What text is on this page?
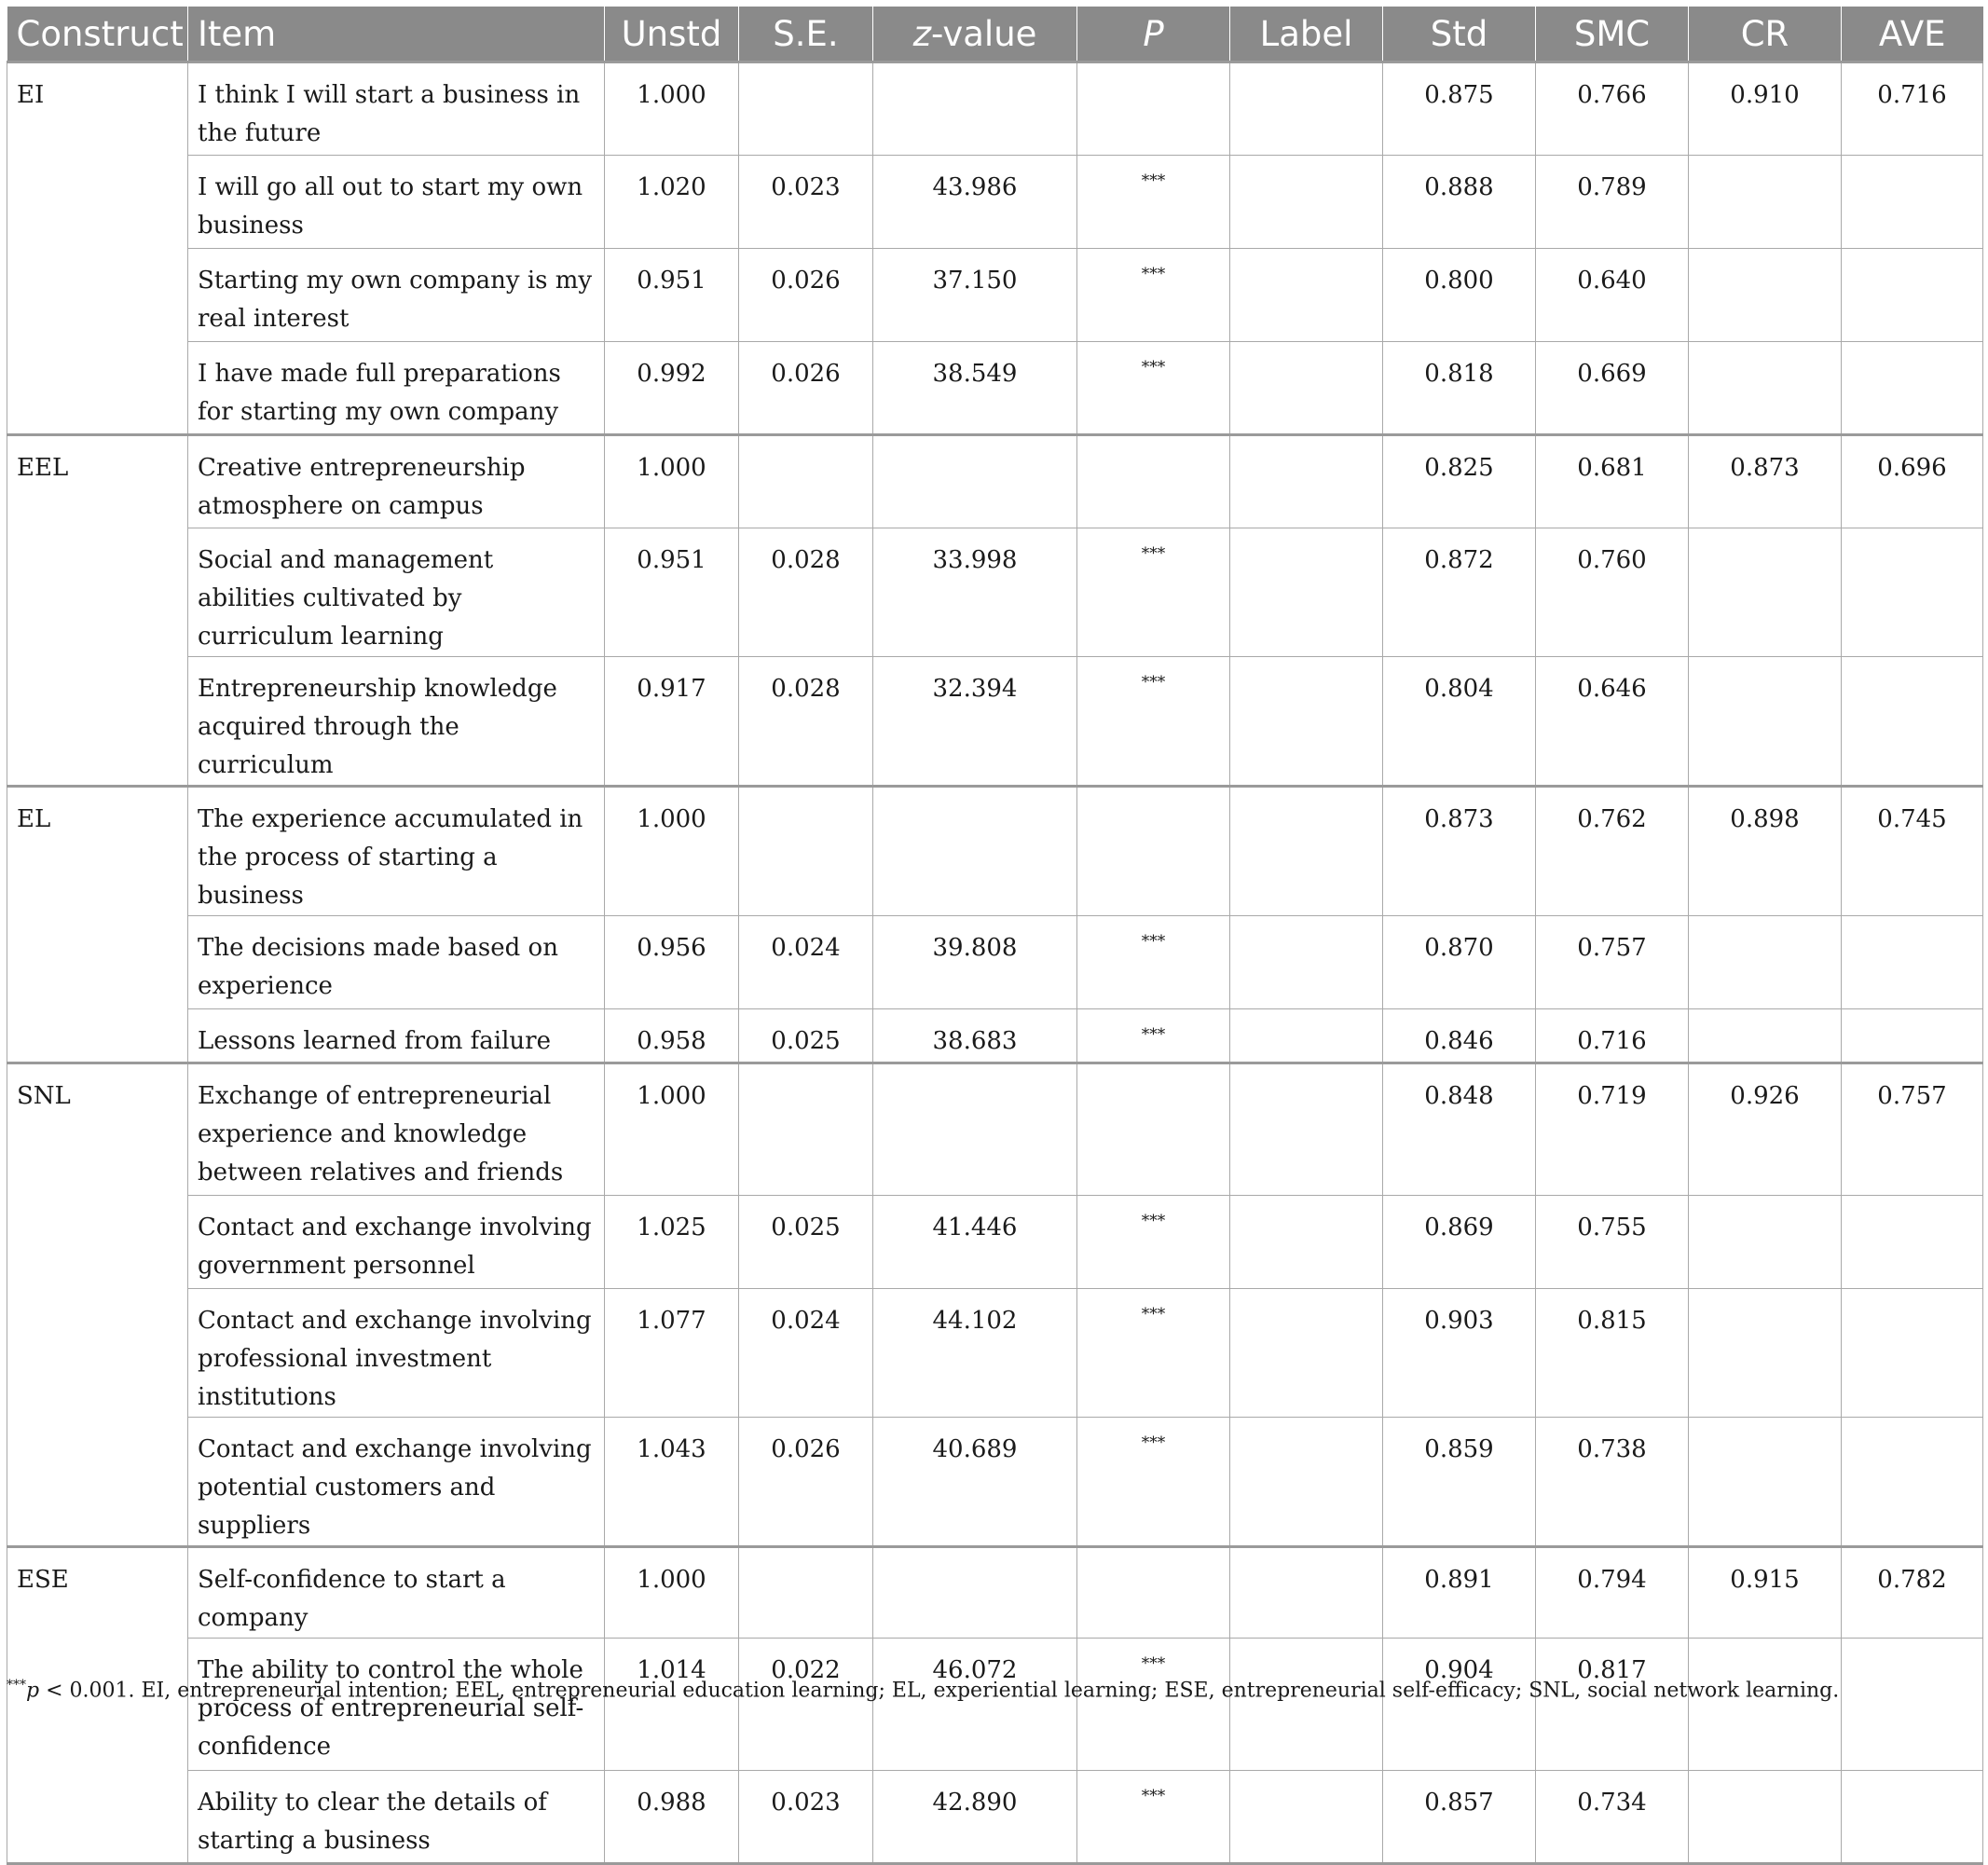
Construct	Item	Unstd	S.E.	z-value	P	Label	Std	SMC	CR	AVE
EI	I think I will start a business in the future	1.000					0.875	0.766	0.910	0.716
	I will go all out to start my own business	1.020	0.023	43.986	***		0.888	0.789		
	Starting my own company is my real interest	0.951	0.026	37.150	***		0.800	0.640		
	I have made full preparations for starting my own company	0.992	0.026	38.549	***		0.818	0.669		
EEL	Creative entrepreneurship atmosphere on campus	1.000					0.825	0.681	0.873	0.696
	Social and management abilities cultivated by curriculum learning	0.951	0.028	33.998	***		0.872	0.760		
	Entrepreneurship knowledge acquired through the curriculum	0.917	0.028	32.394	***		0.804	0.646		
EL	The experience accumulated in the process of starting a business	1.000					0.873	0.762	0.898	0.745
	The decisions made based on experience	0.956	0.024	39.808	***		0.870	0.757		
	Lessons learned from failure	0.958	0.025	38.683	***		0.846	0.716		
SNL	Exchange of entrepreneurial experience and knowledge between relatives and friends	1.000					0.848	0.719	0.926	0.757
	Contact and exchange involving government personnel	1.025	0.025	41.446	***		0.869	0.755		
	Contact and exchange involving professional investment institutions	1.077	0.024	44.102	***		0.903	0.815		
	Contact and exchange involving potential customers and suppliers	1.043	0.026	40.689	***		0.859	0.738		
ESE	Self-confidence to start a company	1.000					0.891	0.794	0.915	0.782
	The ability to control the whole process of entrepreneurial self-confidence	1.014	0.022	46.072	***		0.904	0.817		
	Ability to clear the details of starting a business	0.988	0.023	42.890	***		0.857	0.734		
***p < 0.001. EI, entrepreneurial intention; EEL, entrepreneurial education learning; EL, experiential learning; ESE, entrepreneurial self-efficacy; SNL, social network learning.
